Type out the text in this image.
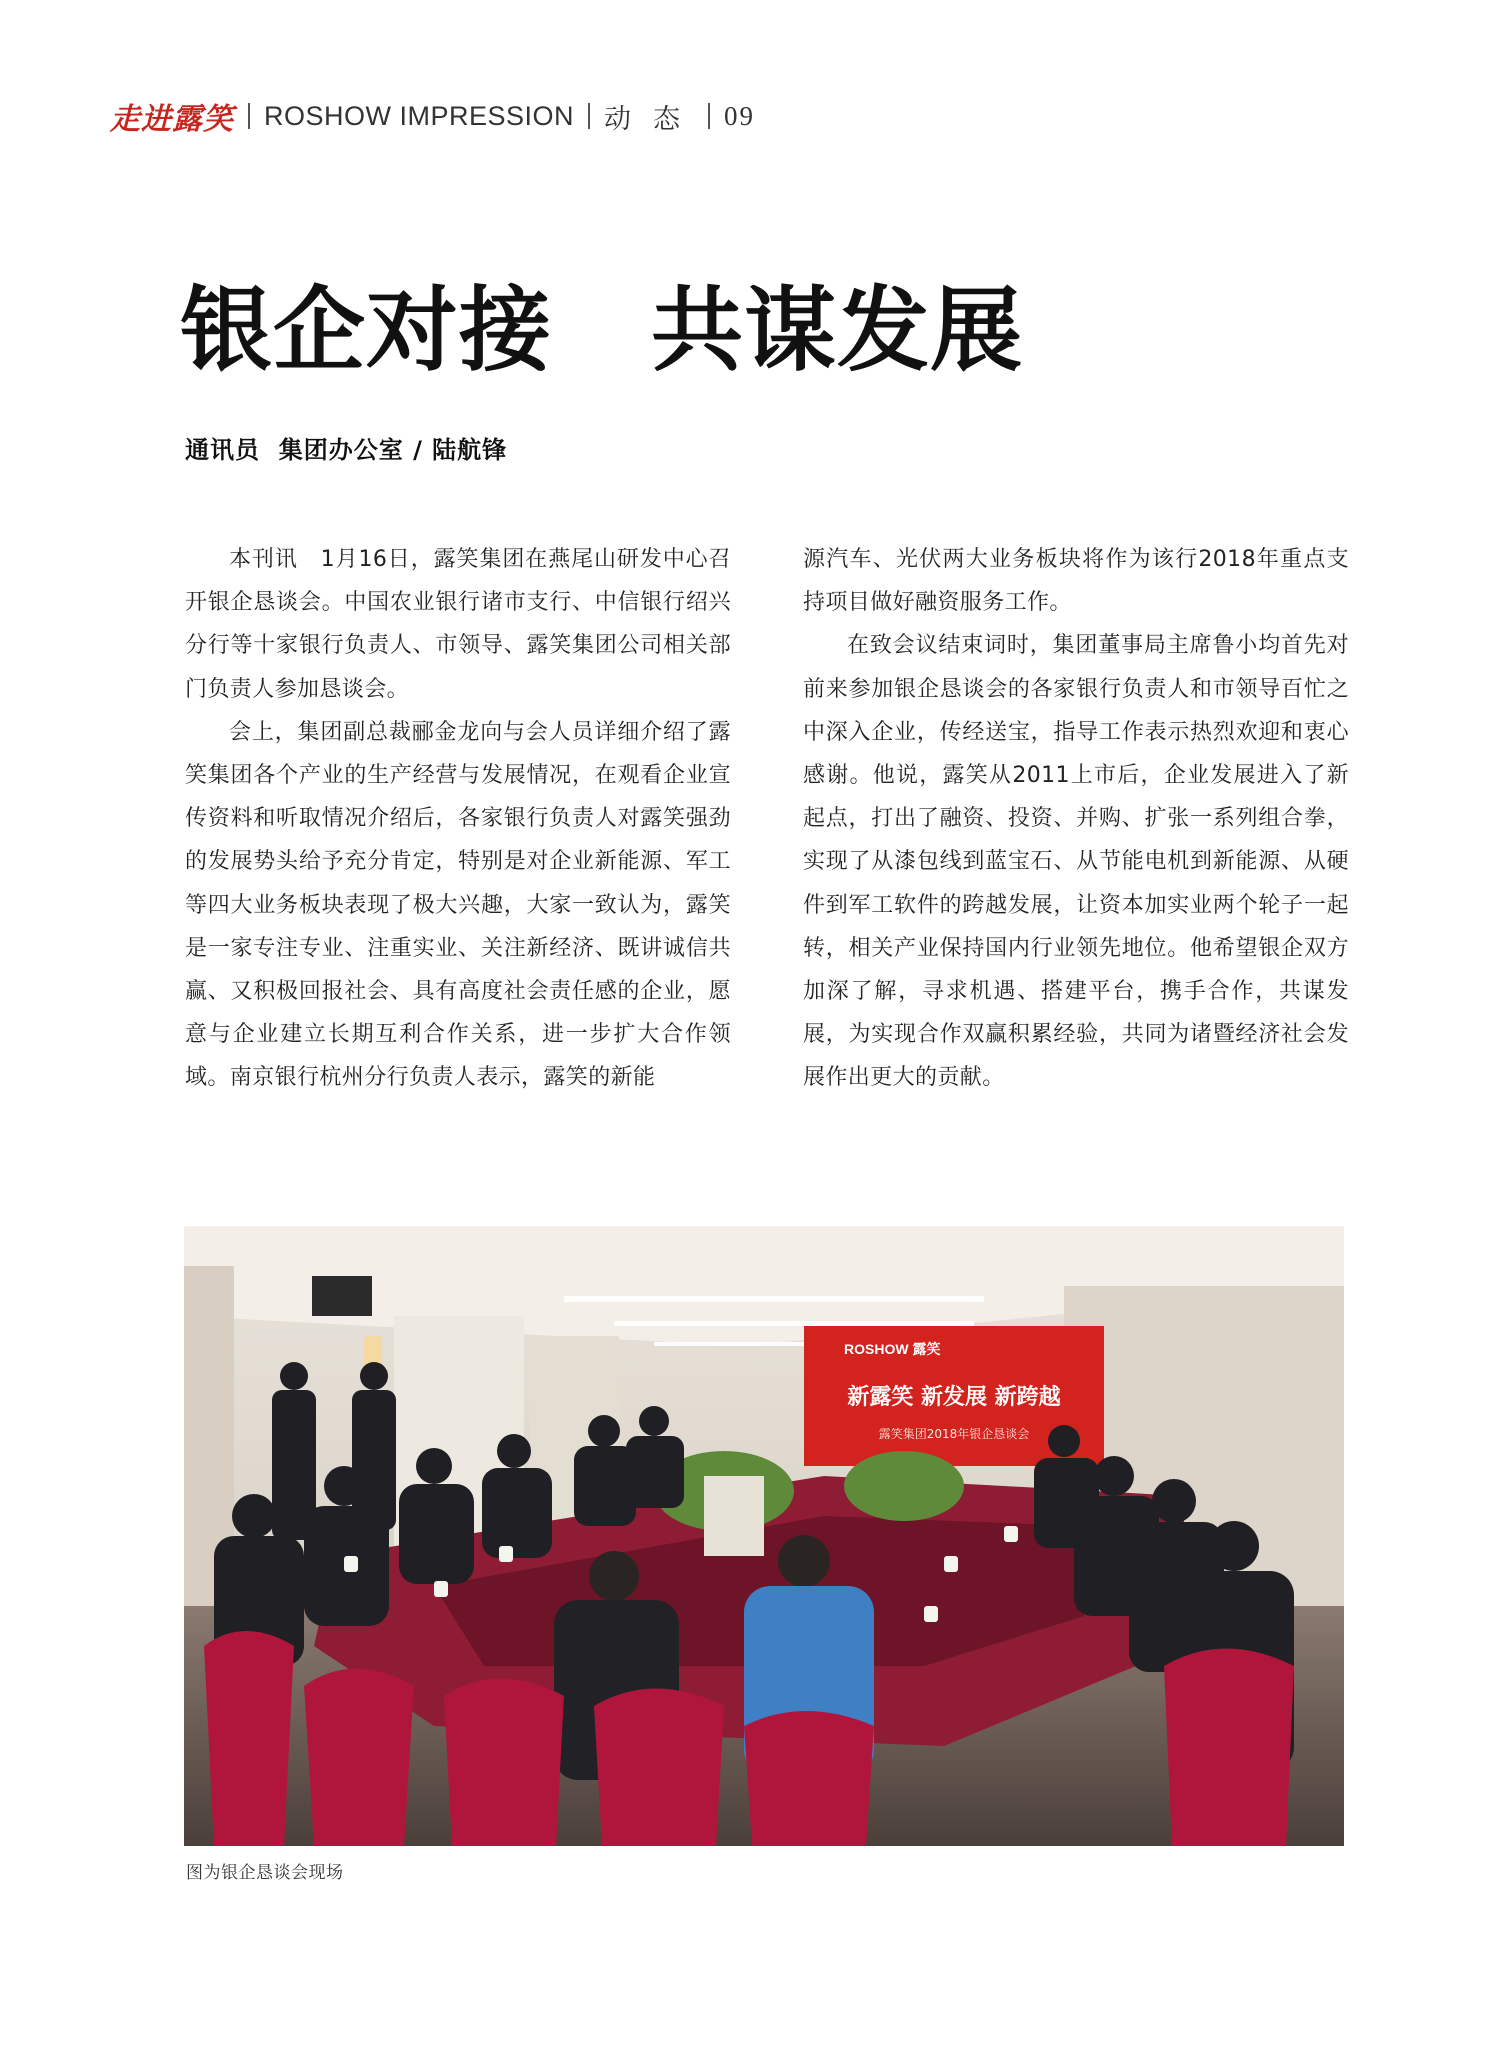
走进露笑 ROSHOW IMPRESSION 动态 09
银企对接   共谋发展
通讯员  集团办公室 / 陆航锋

本刊讯　1月16日，露笑集团在燕尾山研发中心召开银企恳谈会。中国农业银行诸市支行、中信银行绍兴分行等十家银行负责人、市领导、露笑集团公司相关部门负责人参加恳谈会。

会上，集团副总裁郦金龙向与会人员详细介绍了露笑集团各个产业的生产经营与发展情况，在观看企业宣传资料和听取情况介绍后，各家银行负责人对露笑强劲的发展势头给予充分肯定，特别是对企业新能源、军工等四大业务板块表现了极大兴趣，大家一致认为，露笑是一家专注专业、注重实业、关注新经济、既讲诚信共赢、又积极回报社会、具有高度社会责任感的企业，愿意与企业建立长期互利合作关系，进一步扩大合作领域。南京银行杭州分行负责人表示，露笑的新能

源汽车、光伏两大业务板块将作为该行2018年重点支持项目做好融资服务工作。

在致会议结束词时，集团董事局主席鲁小均首先对前来参加银企恳谈会的各家银行负责人和市领导百忙之中深入企业，传经送宝，指导工作表示热烈欢迎和衷心感谢。他说，露笑从2011上市后，企业发展进入了新起点，打出了融资、投资、并购、扩张一系列组合拳，实现了从漆包线到蓝宝石、从节能电机到新能源、从硬件到军工软件的跨越发展，让资本加实业两个轮子一起转，相关产业保持国内行业领先地位。他希望银企双方加深了解，寻求机遇、搭建平台，携手合作，共谋发展，为实现合作双赢积累经验，共同为诸暨经济社会发展作出更大的贡献。

ROSHOW 露笑
新露笑 新发展 新跨越
露笑集团2018年银企恳谈会
图为银企恳谈会现场
